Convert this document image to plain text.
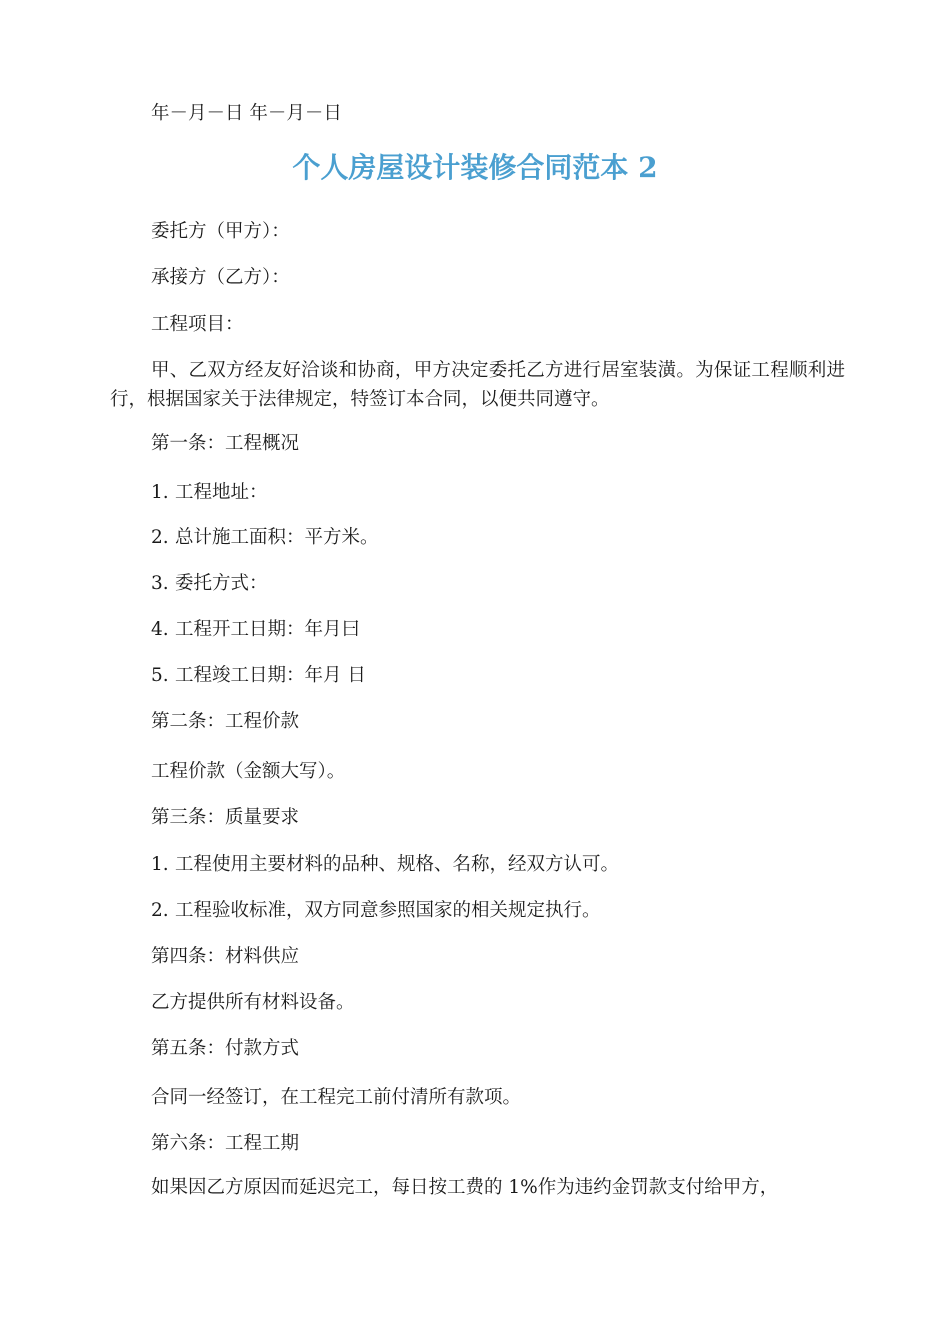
年－月－日 年－月－日
个人房屋设计装修合同范本 2
委托方（甲方）：
承接方（乙方）：
工程项目：
甲、乙双方经友好洽谈和协商，甲方决定委托乙方进行居室装潢。为保证工程顺利进行，根据国家关于法律规定，特签订本合同，以便共同遵守。
第一条：工程概况
1. 工程地址：
2. 总计施工面积：平方米。
3. 委托方式：
4. 工程开工日期：年月曰
5. 工程竣工日期：年月 日
第二条：工程价款
工程价款（金额大写）。
第三条：质量要求
1. 工程使用主要材料的品种、规格、名称，经双方认可。
2. 工程验收标准，双方同意参照国家的相关规定执行。
第四条：材料供应
乙方提供所有材料设备。
第五条：付款方式
合同一经签订，在工程完工前付清所有款项。
第六条：工程工期
如果因乙方原因而延迟完工，每日按工费的 1%作为违约金罚款支付给甲方，
